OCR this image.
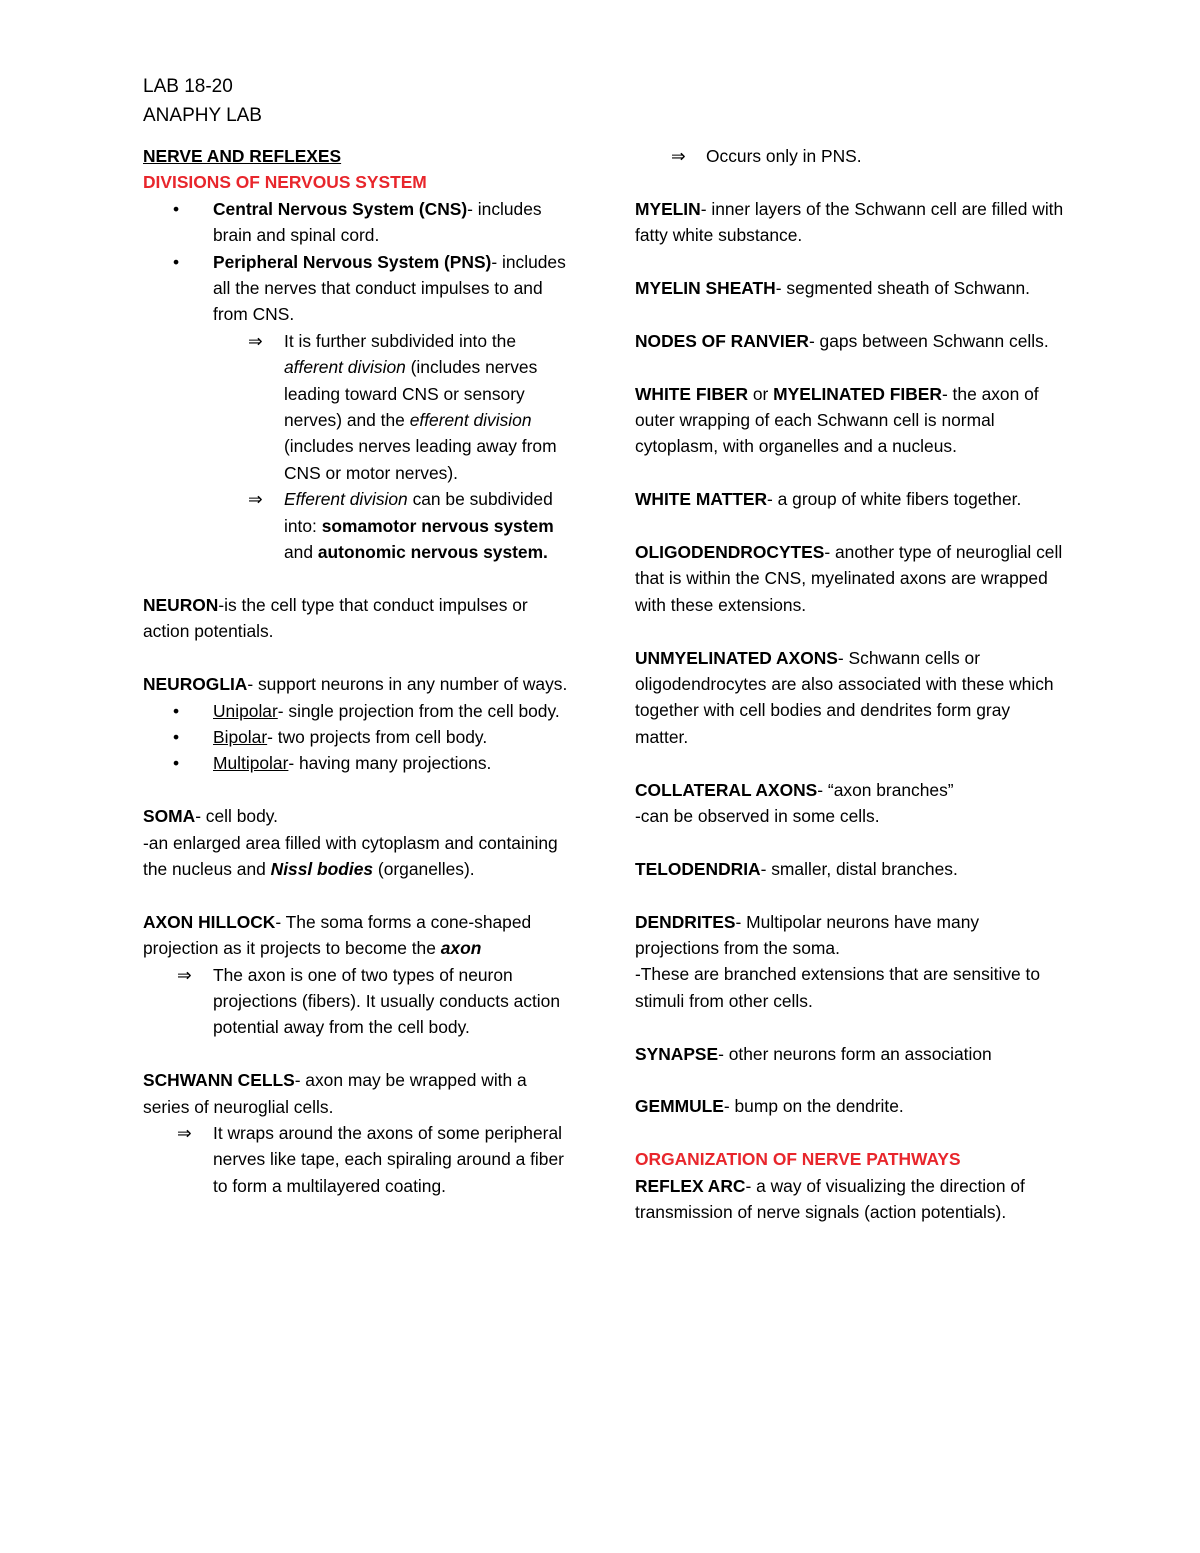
LAB 18-20

ANAPHY LAB

NERVE AND REFLEXES

DIVISIONS OF NERVOUS SYSTEM

• Central Nervous System (CNS)- includes brain and spinal cord.
• Peripheral Nervous System (PNS)- includes all the nerves that conduct impulses to and from CNS.
⇒ It is further subdivided into the afferent division (includes nerves leading toward CNS or sensory nerves) and the efferent division (includes nerves leading away from CNS or motor nerves).
⇒ Efferent division can be subdivided into: somamotor nervous system and autonomic nervous system.

NEURON-is the cell type that conduct impulses or action potentials.

NEUROGLIA- support neurons in any number of ways.

• Unipolar- single projection from the cell body.
• Bipolar- two projects from cell body.
• Multipolar- having many projections.

SOMA- cell body.

-an enlarged area filled with cytoplasm and containing the nucleus and Nissl bodies (organelles).

AXON HILLOCK- The soma forms a cone-shaped projection as it projects to become the axon

⇒ The axon is one of two types of neuron projections (fibers). It usually conducts action potential away from the cell body.

SCHWANN CELLS- axon may be wrapped with a series of neuroglial cells.

⇒ It wraps around the axons of some peripheral nerves like tape, each spiraling around a fiber to form a multilayered coating.

⇒ Occurs only in PNS.

MYELIN- inner layers of the Schwann cell are filled with fatty white substance.

MYELIN SHEATH- segmented sheath of Schwann.

NODES OF RANVIER- gaps between Schwann cells.

WHITE FIBER or MYELINATED FIBER- the axon of outer wrapping of each Schwann cell is normal cytoplasm, with organelles and a nucleus.

WHITE MATTER- a group of white fibers together.

OLIGODENDROCYTES- another type of neuroglial cell that is within the CNS, myelinated axons are wrapped with these extensions.

UNMYELINATED AXONS- Schwann cells or oligodendrocytes are also associated with these which together with cell bodies and dendrites form gray matter.

COLLATERAL AXONS- “axon branches”

-can be observed in some cells.

TELODENDRIA- smaller, distal branches.

DENDRITES- Multipolar neurons have many projections from the soma.

-These are branched extensions that are sensitive to stimuli from other cells.

SYNAPSE- other neurons form an association

GEMMULE- bump on the dendrite.

ORGANIZATION OF NERVE PATHWAYS

REFLEX ARC- a way of visualizing the direction of transmission of nerve signals (action potentials).
